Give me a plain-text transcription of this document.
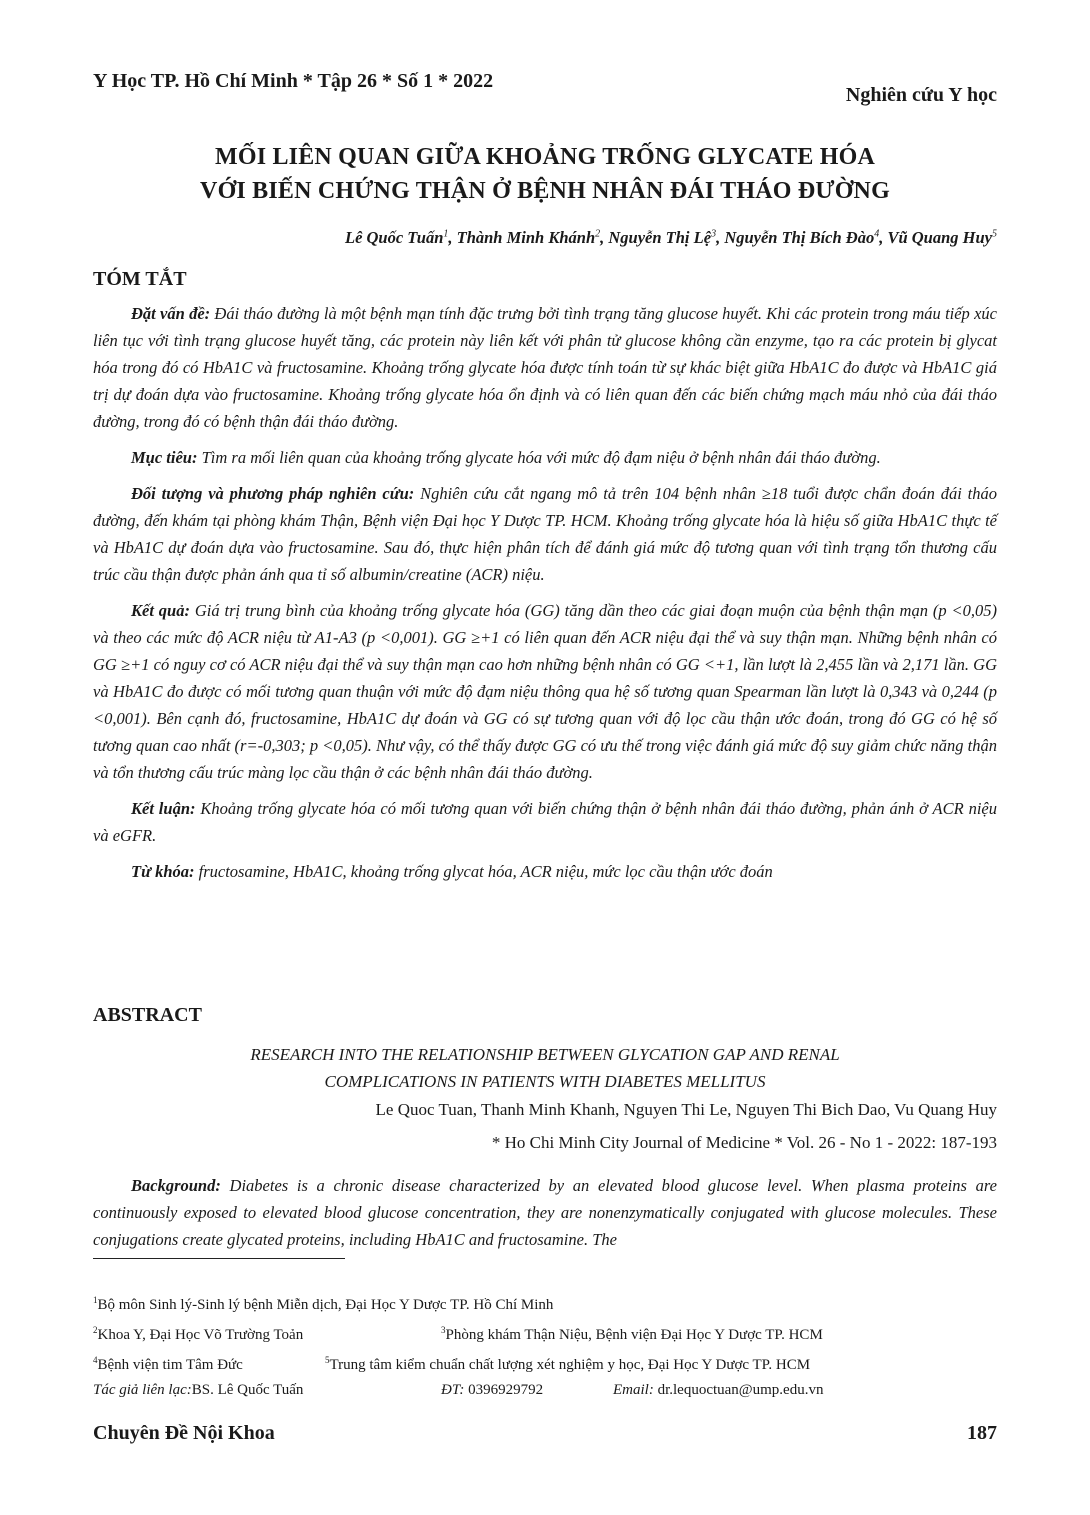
Y Học TP. Hồ Chí Minh * Tập 26 * Số 1 * 2022
Nghiên cứu Y học
MỐI LIÊN QUAN GIỮA KHOẢNG TRỐNG GLYCATE HÓA
VỚI BIẾN CHỨNG THẬN Ở BỆNH NHÂN ĐÁI THÁO ĐƯỜNG
Lê Quốc Tuấn$^1$, Thành Minh Khánh$^2$, Nguyễn Thị Lệ$^3$, Nguyễn Thị Bích Đào$^4$, Vũ Quang Huy$^5$
TÓM TẮT

Đặt vấn đề: Đái tháo đường là một bệnh mạn tính đặc trưng bởi tình trạng tăng glucose huyết. Khi các protein trong máu tiếp xúc liên tục với tình trạng glucose huyết tăng, các protein này liên kết với phân tử glucose không cần enzyme, tạo ra các protein bị glycat hóa trong đó có HbA1C và fructosamine. Khoảng trống glycate hóa được tính toán từ sự khác biệt giữa HbA1C đo được và HbA1C giá trị dự đoán dựa vào fructosamine. Khoảng trống glycate hóa ổn định và có liên quan đến các biến chứng mạch máu nhỏ của đái tháo đường, trong đó có bệnh thận đái tháo đường.

Mục tiêu: Tìm ra mối liên quan của khoảng trống glycate hóa với mức độ đạm niệu ở bệnh nhân đái tháo đường.

Đối tượng và phương pháp nghiên cứu: Nghiên cứu cắt ngang mô tả trên 104 bệnh nhân ≥18 tuổi được chẩn đoán đái tháo đường, đến khám tại phòng khám Thận, Bệnh viện Đại học Y Dược TP. HCM. Khoảng trống glycate hóa là hiệu số giữa HbA1C thực tế và HbA1C dự đoán dựa vào fructosamine. Sau đó, thực hiện phân tích để đánh giá mức độ tương quan với tình trạng tổn thương cấu trúc cầu thận được phản ánh qua tỉ số albumin/creatine (ACR) niệu.

Kết quả: Giá trị trung bình của khoảng trống glycate hóa (GG) tăng dần theo các giai đoạn muộn của bệnh thận mạn (p <0,05) và theo các mức độ ACR niệu từ A1-A3 (p <0,001). GG ≥+1 có liên quan đến ACR niệu đại thể và suy thận mạn. Những bệnh nhân có GG ≥+1 có nguy cơ có ACR niệu đại thể và suy thận mạn cao hơn những bệnh nhân có GG <+1, lần lượt là 2,455 lần và 2,171 lần. GG và HbA1C đo được có mối tương quan thuận với mức độ đạm niệu thông qua hệ số tương quan Spearman lần lượt là 0,343 và 0,244 (p <0,001). Bên cạnh đó, fructosamine, HbA1C dự đoán và GG có sự tương quan với độ lọc cầu thận ước đoán, trong đó GG có hệ số tương quan cao nhất (r=-0,303; p <0,05). Như vậy, có thể thấy được GG có ưu thế trong việc đánh giá mức độ suy giảm chức năng thận và tổn thương cấu trúc màng lọc cầu thận ở các bệnh nhân đái tháo đường.

Kết luận: Khoảng trống glycate hóa có mối tương quan với biến chứng thận ở bệnh nhân đái tháo đường, phản ánh ở ACR niệu và eGFR.

Từ khóa: fructosamine, HbA1C, khoảng trống glycat hóa, ACR niệu, mức lọc cầu thận ước đoán

ABSTRACT
RESEARCH INTO THE RELATIONSHIP BETWEEN GLYCATION GAP AND RENAL
COMPLICATIONS IN PATIENTS WITH DIABETES MELLITUS
Le Quoc Tuan, Thanh Minh Khanh, Nguyen Thi Le, Nguyen Thi Bich Dao, Vu Quang Huy
* Ho Chi Minh City Journal of Medicine * Vol. 26 - No 1 - 2022: 187-193

Background: Diabetes is a chronic disease characterized by an elevated blood glucose level. When plasma proteins are continuously exposed to elevated blood glucose concentration, they are nonenzymatically conjugated with glucose molecules. These conjugations create glycated proteins, including HbA1C and fructosamine. The

$^1$Bộ môn Sinh lý-Sinh lý bệnh Miễn dịch, Đại Học Y Dược TP. Hồ Chí Minh
$^2$Khoa Y, Đại Học Võ Trường Toản	$^3$Phòng khám Thận Niệu, Bệnh viện Đại Học Y Dược TP. HCM
$^4$Bệnh viện tim Tâm Đức	$^5$Trung tâm kiểm chuẩn chất lượng xét nghiệm y học, Đại Học Y Dược TP. HCM
Tác giả liên lạc:BS. Lê Quốc Tuấn	ĐT: 0396929792	Email: dr.lequoctuan@ump.edu.vn
Chuyên Đề Nội Khoa	187
